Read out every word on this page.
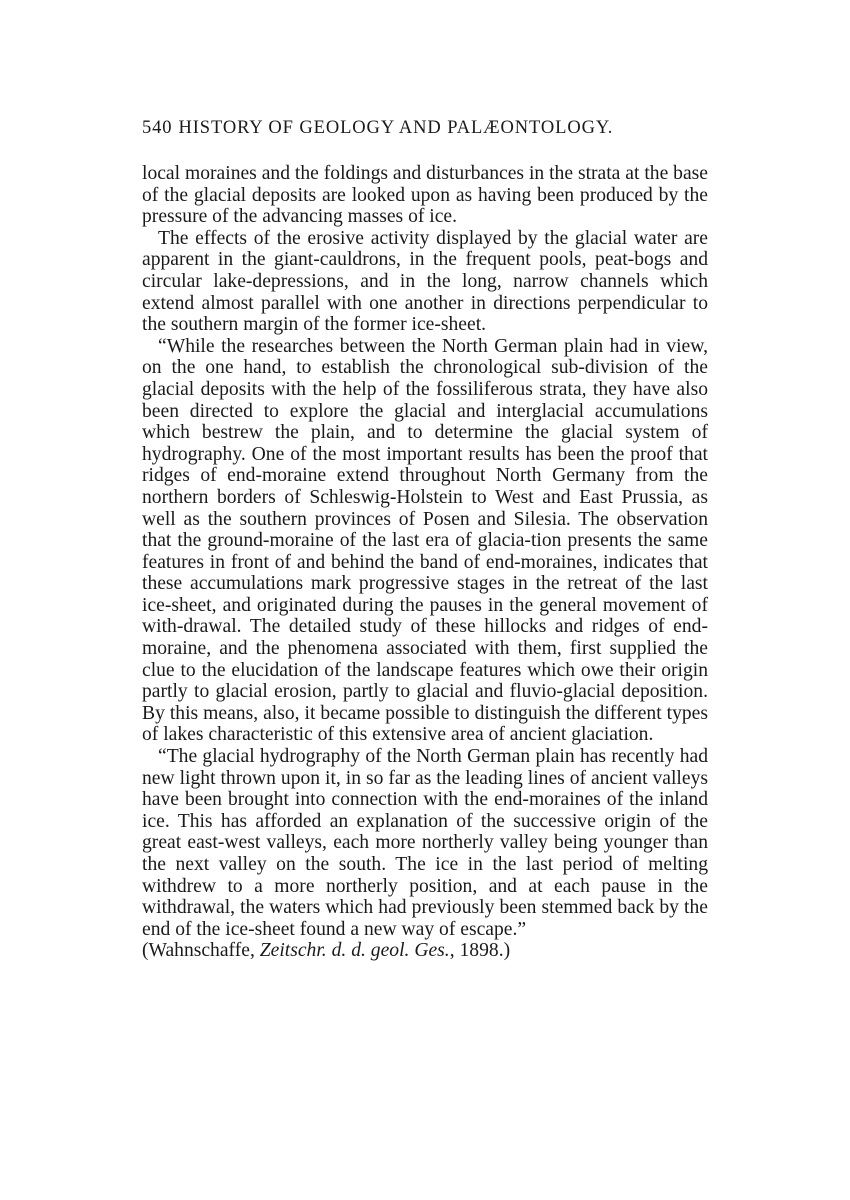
540 HISTORY OF GEOLOGY AND PALÆONTOLOGY.

local moraines and the foldings and disturbances in the strata at the base of the glacial deposits are looked upon as having been produced by the pressure of the advancing masses of ice.

The effects of the erosive activity displayed by the glacial water are apparent in the giant-cauldrons, in the frequent pools, peat-bogs and circular lake-depressions, and in the long, narrow channels which extend almost parallel with one another in directions perpendicular to the southern margin of the former ice-sheet.

“While the researches between the North German plain had in view, on the one hand, to establish the chronological sub-division of the glacial deposits with the help of the fossiliferous strata, they have also been directed to explore the glacial and interglacial accumulations which bestrew the plain, and to determine the glacial system of hydrography. One of the most important results has been the proof that ridges of end-moraine extend throughout North Germany from the northern borders of Schleswig-Holstein to West and East Prussia, as well as the southern provinces of Posen and Silesia. The observation that the ground-moraine of the last era of glacia-tion presents the same features in front of and behind the band of end-moraines, indicates that these accumulations mark progressive stages in the retreat of the last ice-sheet, and originated during the pauses in the general movement of with-drawal. The detailed study of these hillocks and ridges of end-moraine, and the phenomena associated with them, first supplied the clue to the elucidation of the landscape features which owe their origin partly to glacial erosion, partly to glacial and fluvio-glacial deposition. By this means, also, it became possible to distinguish the different types of lakes characteristic of this extensive area of ancient glaciation.

“The glacial hydrography of the North German plain has recently had new light thrown upon it, in so far as the leading lines of ancient valleys have been brought into connection with the end-moraines of the inland ice. This has afforded an explanation of the successive origin of the great east-west valleys, each more northerly valley being younger than the next valley on the south. The ice in the last period of melting withdrew to a more northerly position, and at each pause in the withdrawal, the waters which had previously been stemmed back by the end of the ice-sheet found a new way of escape.”

(Wahnschaffe, Zeitschr. d. d. geol. Ges., 1898.)
